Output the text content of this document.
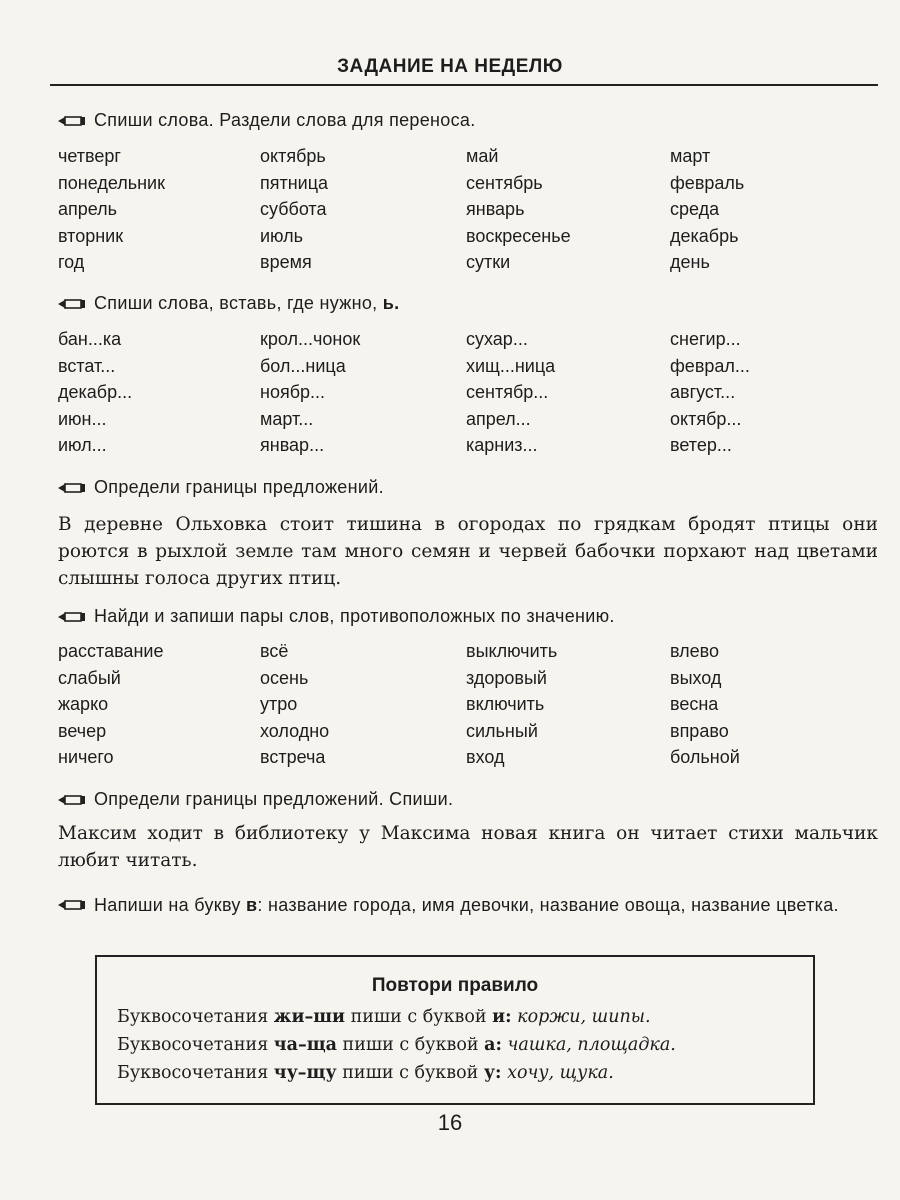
ЗАДАНИЕ НА НЕДЕЛЮ
Спиши слова. Раздели слова для переноса.
четверг	октябрь	май	март
понедельник	пятница	сентябрь	февраль
апрель	суббота	январь	среда
вторник	июль	воскресенье	декабрь
год	время	сутки	день
Спиши слова, вставь, где нужно, ь.
бан...ка	крол...чонок	сухар...	снегир...
встат...	бол...ница	хищ...ница	феврал...
декабр...	ноябр...	сентябр...	август...
июн...	март...	апрел...	октябр...
июл...	январ...	карниз...	ветер...
Определи границы предложений.
В деревне Ольховка стоит тишина в огородах по грядкам бродят птицы они роются в рыхлой земле там много семян и червей бабочки порхают над цветами слышны голоса других птиц.
Найди и запиши пары слов, противоположных по значению.
расставание	всё	выключить	влево
слабый	осень	здоровый	выход
жарко	утро	включить	весна
вечер	холодно	сильный	вправо
ничего	встреча	вход	больной
Определи границы предложений. Спиши.
Максим ходит в библиотеку у Максима новая книга он читает стихи мальчик любит читать.
Напиши на букву в: название города, имя девочки, название овоща, название цветка.
Повтори правило
Буквосочетания жи–ши пиши с буквой и: коржи, шипы.
Буквосочетания ча–ща пиши с буквой а: чашка, площадка.
Буквосочетания чу–щу пиши с буквой у: хочу, щука.
16
